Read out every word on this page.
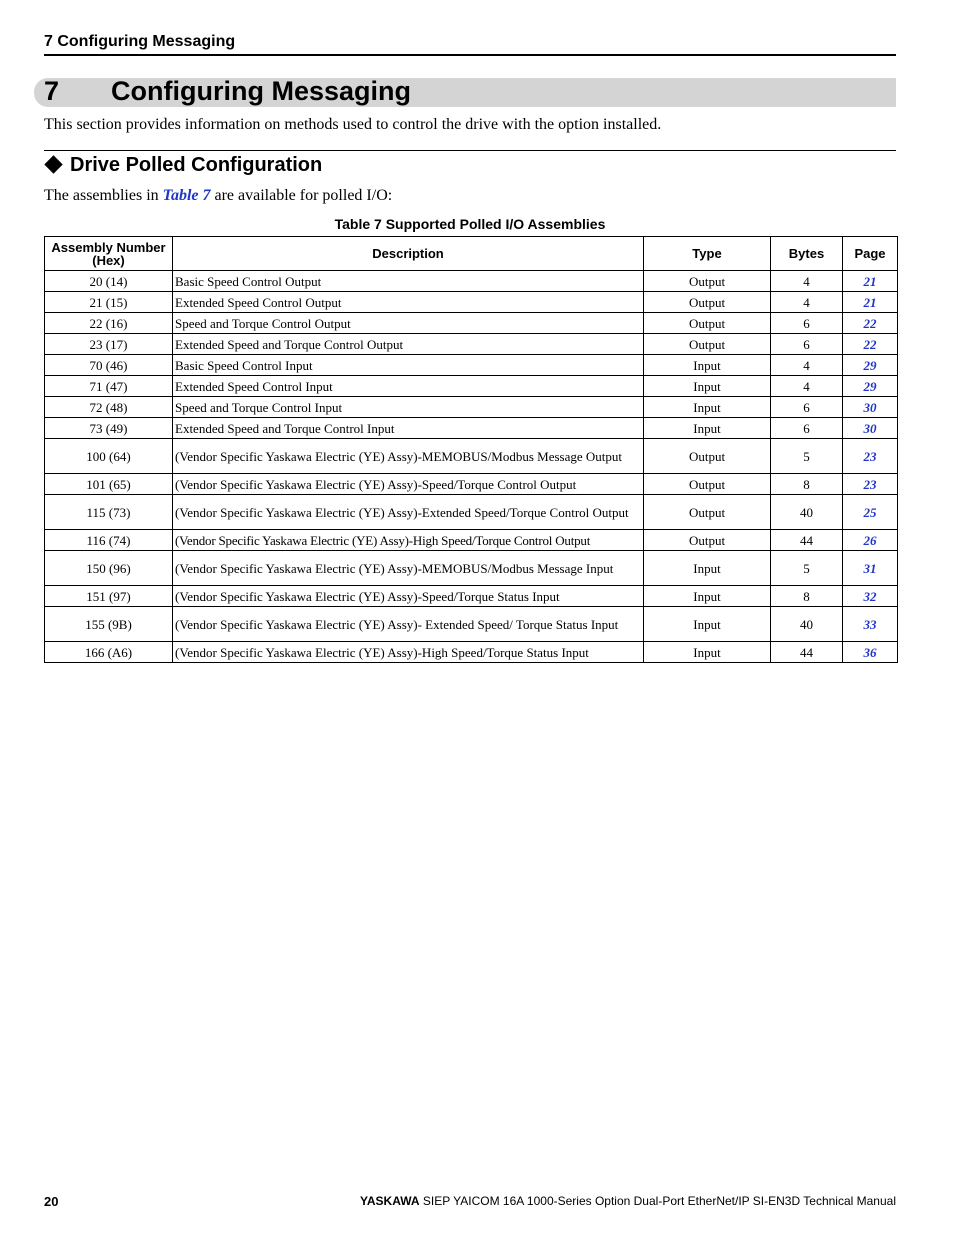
7 Configuring Messaging
7 Configuring Messaging
This section provides information on methods used to control the drive with the option installed.
Drive Polled Configuration
The assemblies in Table 7 are available for polled I/O:
Table 7 Supported Polled I/O Assemblies
Assembly Number (Hex)	Description	Type	Bytes	Page
20 (14)	Basic Speed Control Output	Output	4	21
21 (15)	Extended Speed Control Output	Output	4	21
22 (16)	Speed and Torque Control Output	Output	6	22
23 (17)	Extended Speed and Torque Control Output	Output	6	22
70 (46)	Basic Speed Control Input	Input	4	29
71 (47)	Extended Speed Control Input	Input	4	29
72 (48)	Speed and Torque Control Input	Input	6	30
73 (49)	Extended Speed and Torque Control Input	Input	6	30
100 (64)	(Vendor Specific Yaskawa Electric (YE) Assy)-MEMOBUS/Modbus Message Output	Output	5	23
101 (65)	(Vendor Specific Yaskawa Electric (YE) Assy)-Speed/Torque Control Output	Output	8	23
115 (73)	(Vendor Specific Yaskawa Electric (YE) Assy)-Extended Speed/Torque Control Output	Output	40	25
116 (74)	(Vendor Specific Yaskawa Electric (YE) Assy)-High Speed/Torque Control Output	Output	44	26
150 (96)	(Vendor Specific Yaskawa Electric (YE) Assy)-MEMOBUS/Modbus Message Input	Input	5	31
151 (97)	(Vendor Specific Yaskawa Electric (YE) Assy)-Speed/Torque Status Input	Input	8	32
155 (9B)	(Vendor Specific Yaskawa Electric (YE) Assy)- Extended Speed/ Torque Status Input	Input	40	33
166 (A6)	(Vendor Specific Yaskawa Electric (YE) Assy)-High Speed/Torque Status Input	Input	44	36
20	YASKAWA SIEP YAICOM 16A 1000-Series Option Dual-Port EtherNet/IP SI-EN3D Technical Manual
